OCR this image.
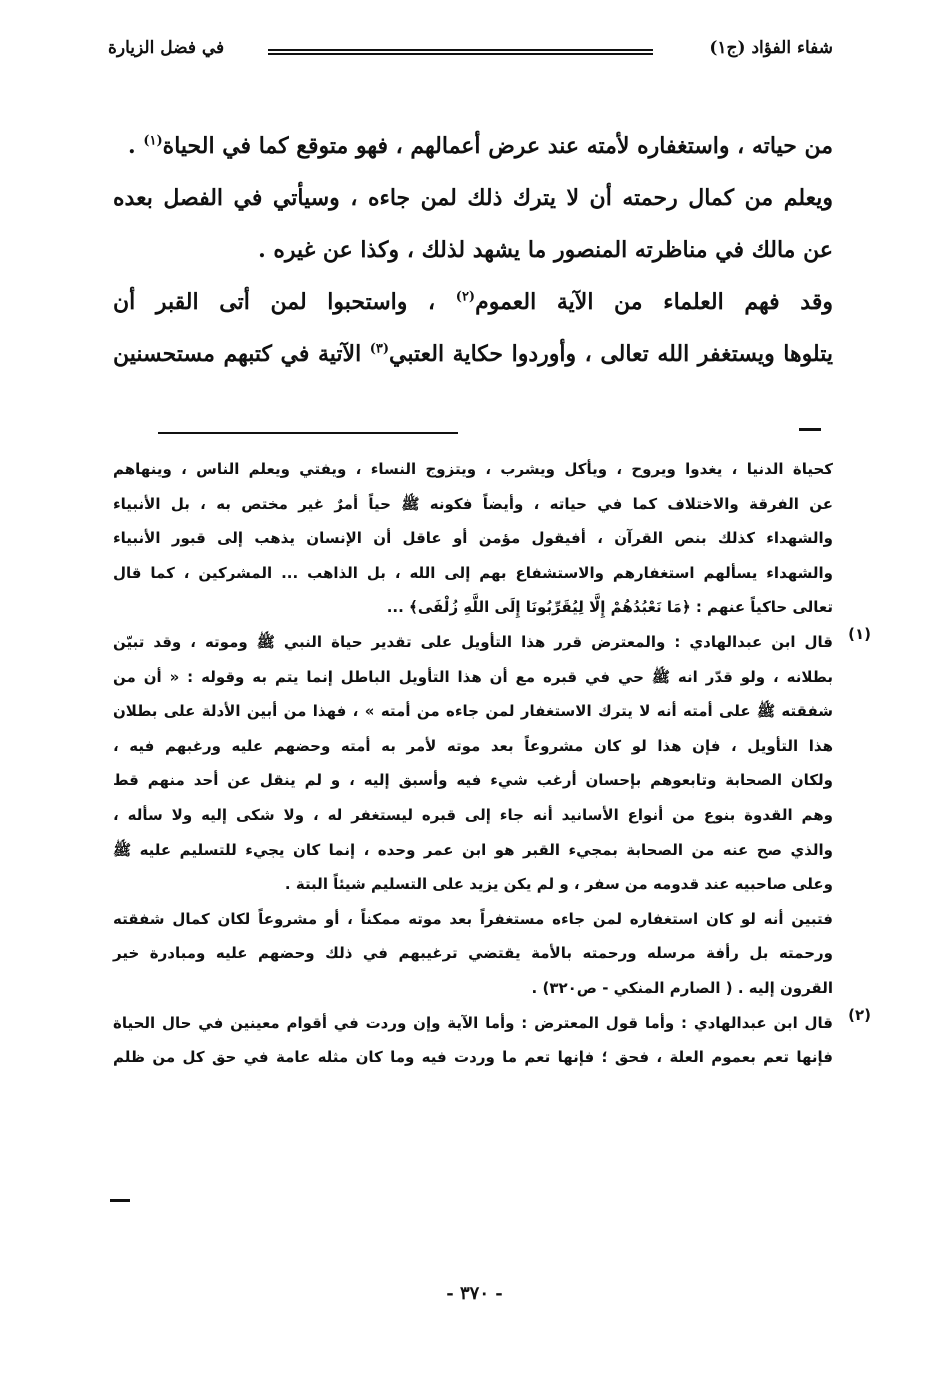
شفاء الفؤاد (ج١)
في فضل الزيارة
من حياته ، واستغفاره لأمته عند عرض أعمالهم ، فهو متوقع كما في الحياة$^{(١)}$ .
ويعلم من كمال رحمته أن لا يترك ذلك لمن جاءه ، وسيأتي في الفصل بعده
عن مالك في مناظرته المنصور ما يشهد لذلك ، وكذا عن غيره .
وقد فهم العلماء من الآية العموم$^{(٢)}$ ، واستحبوا لمن أتى القبر أن
يتلوها ويستغفر الله تعالى ، وأوردوا حكاية العتبي$^{(٣)}$ الآتية في كتبهم مستحسنين
كحياة الدنيا ، يغدوا ويروح ، ويأكل ويشرب ، ويتزوج النساء ، ويفتي ويعلم الناس ، وينهاهم
عن الفرقة والاختلاف كما في حياته ، وأيضاً فكونه ﷺ حياً أمرٌ غير مختص به ، بل الأنبياء
والشهداء كذلك بنص القرآن ، أفيقول مؤمن أو عاقل أن الإنسان يذهب إلى قبور الأنبياء
والشهداء يسألهم استغفارهم والاستشفاع بهم إلى الله ، بل الذاهب ... المشركين ، كما قال
تعالى حاكياً عنهم : ﴿مَا نَعْبُدُهُمْ إِلَّا لِيُقَرِّبُونَا إِلَى اللَّهِ زُلْفَى﴾ ...
(١)
قال ابن عبدالهادي : والمعترض قرر هذا التأويل على تقدير حياة النبي ﷺ وموته ، وقد تبيّن
بطلانه ، ولو قدّر انه ﷺ حي في قبره مع أن هذا التأويل الباطل إنما يتم به وقوله : « أن من
شفقته ﷺ على أمته أنه لا يترك الاستغفار لمن جاءه من أمته » ، فهذا من أبين الأدلة على بطلان
هذا التأويل ، فإن هذا لو كان مشروعاً بعد موته لأمر به أمته وحضهم عليه ورغبهم فيه ،
ولكان الصحابة وتابعوهم بإحسان أرغب شيء فيه وأسبق إليه ، و لم ينقل عن أحد منهم قط
وهم القدوة بنوع من أنواع الأسانيد أنه جاء إلى قبره ليستغفر له ، ولا شكى إليه ولا سأله ،
والذي صح عنه من الصحابة بمجيء القبر هو ابن عمر وحده ، إنما كان يجيء للتسليم عليه ﷺ
وعلى صاحبيه عند قدومه من سفر ، و لم يكن يزيد على التسليم شيئاً البتة .
فتبين أنه لو كان استغفاره لمن جاءه مستغفراً بعد موته ممكناً ، أو مشروعاً لكان كمال شفقته
ورحمته بل رأفة مرسله ورحمته بالأمة يقتضي ترغيبهم في ذلك وحضهم عليه ومبادرة خير
القرون إليه . ( الصارم المنكي - ص٣٢٠) .
(٢)
قال ابن عبدالهادي : وأما قول المعترض : وأما الآية وإن وردت في أقوام معينين في حال الحياة
فإنها تعم بعموم العلة ، فحق ؛ فإنها تعم ما وردت فيه وما كان مثله عامة في حق كل من ظلم
- ٣٧٠ -
